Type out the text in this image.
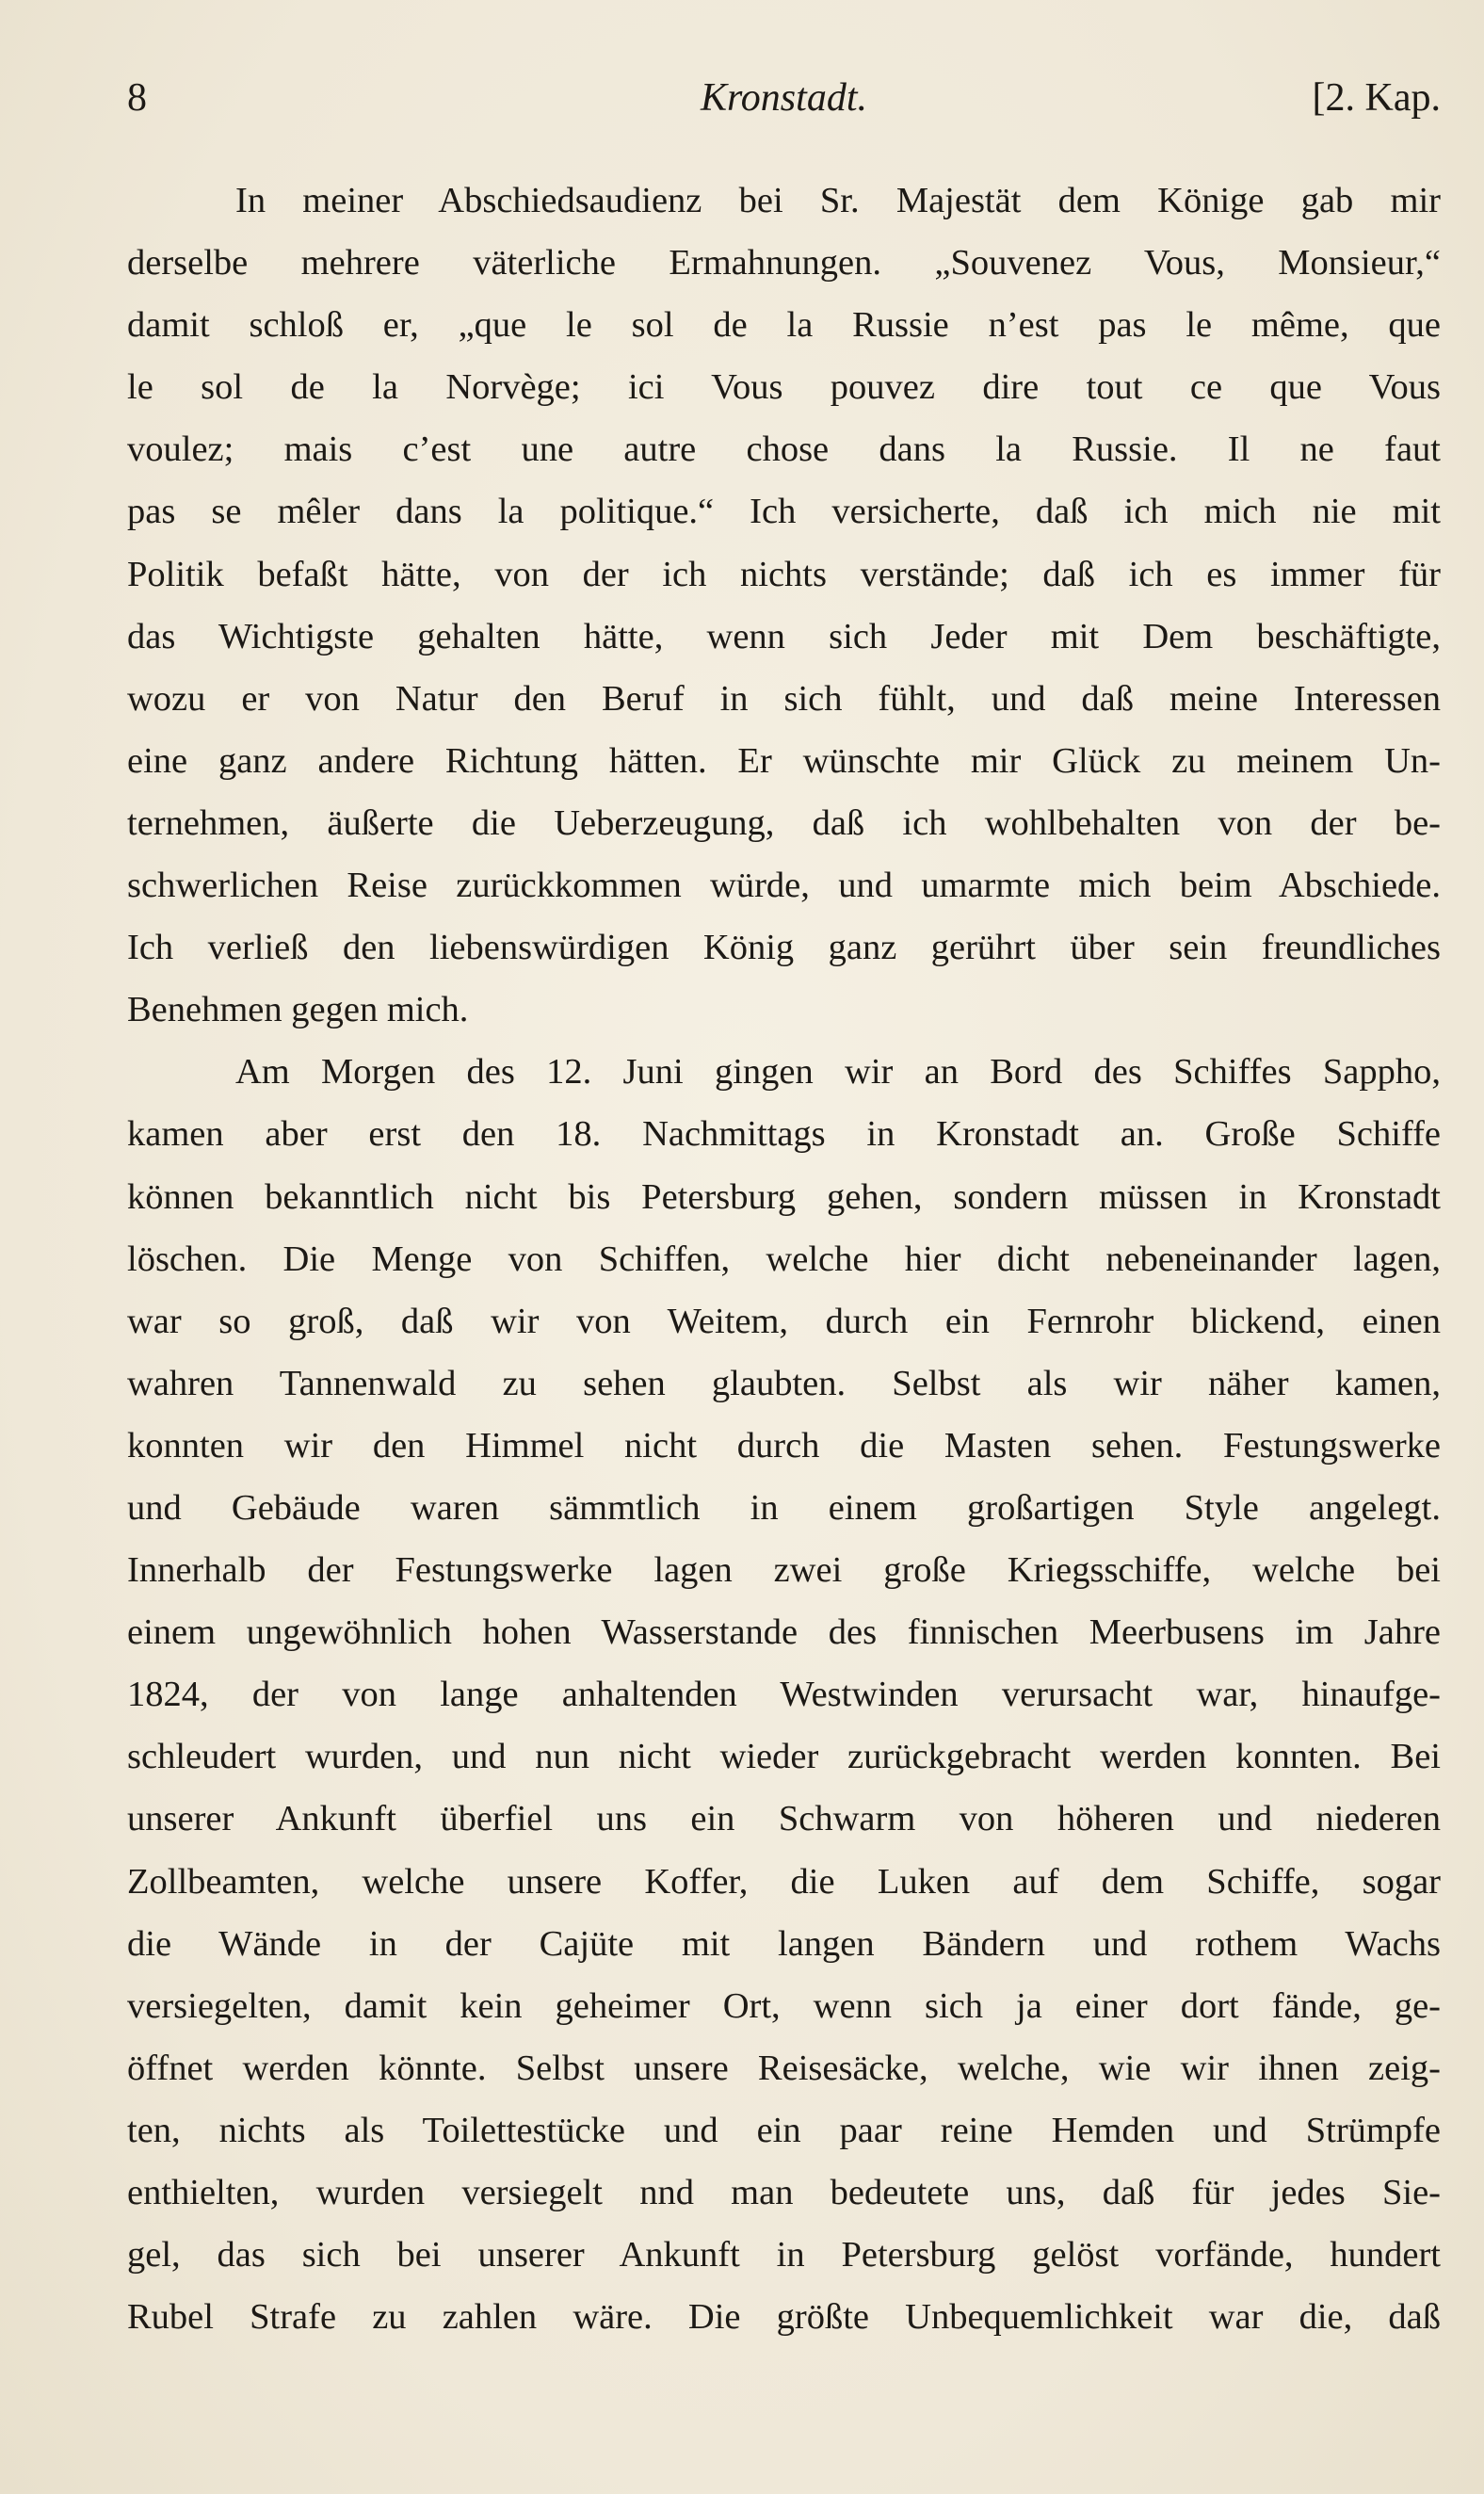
8	Kronstadt.	[2. Kap.
In meiner Abschiedsaudienz bei Sr. Majestät dem Könige gab mir
derselbe mehrere väterliche Ermahnungen. „Souvenez Vous, Monsieur,“
damit schloß er, „que le sol de la Russie n’est pas le même, que
le sol de la Norvège; ici Vous pouvez dire tout ce que Vous
voulez; mais c’est une autre chose dans la Russie. Il ne faut
pas se mêler dans la politique.“ Ich versicherte, daß ich mich nie mit
Politik befaßt hätte, von der ich nichts verstände; daß ich es immer für
das Wichtigste gehalten hätte, wenn sich Jeder mit Dem beschäftigte,
wozu er von Natur den Beruf in sich fühlt, und daß meine Interessen
eine ganz andere Richtung hätten. Er wünschte mir Glück zu meinem Un-
ternehmen, äußerte die Ueberzeugung, daß ich wohlbehalten von der be-
schwerlichen Reise zurückkommen würde, und umarmte mich beim Abschiede.
Ich verließ den liebenswürdigen König ganz gerührt über sein freundliches
Benehmen gegen mich.
Am Morgen des 12. Juni gingen wir an Bord des Schiffes Sappho,
kamen aber erst den 18. Nachmittags in Kronstadt an. Große Schiffe
können bekanntlich nicht bis Petersburg gehen, sondern müssen in Kronstadt
löschen. Die Menge von Schiffen, welche hier dicht nebeneinander lagen,
war so groß, daß wir von Weitem, durch ein Fernrohr blickend, einen
wahren Tannenwald zu sehen glaubten. Selbst als wir näher kamen,
konnten wir den Himmel nicht durch die Masten sehen. Festungswerke
und Gebäude waren sämmtlich in einem großartigen Style angelegt.
Innerhalb der Festungswerke lagen zwei große Kriegsschiffe, welche bei
einem ungewöhnlich hohen Wasserstande des finnischen Meerbusens im Jahre
1824, der von lange anhaltenden Westwinden verursacht war, hinaufge-
schleudert wurden, und nun nicht wieder zurückgebracht werden konnten. Bei
unserer Ankunft überfiel uns ein Schwarm von höheren und niederen
Zollbeamten, welche unsere Koffer, die Luken auf dem Schiffe, sogar
die Wände in der Cajüte mit langen Bändern und rothem Wachs
versiegelten, damit kein geheimer Ort, wenn sich ja einer dort fände, ge-
öffnet werden könnte. Selbst unsere Reisesäcke, welche, wie wir ihnen zeig-
ten, nichts als Toilettestücke und ein paar reine Hemden und Strümpfe
enthielten, wurden versiegelt nnd man bedeutete uns, daß für jedes Sie-
gel, das sich bei unserer Ankunft in Petersburg gelöst vorfände, hundert
Rubel Strafe zu zahlen wäre. Die größte Unbequemlichkeit war die, daß
